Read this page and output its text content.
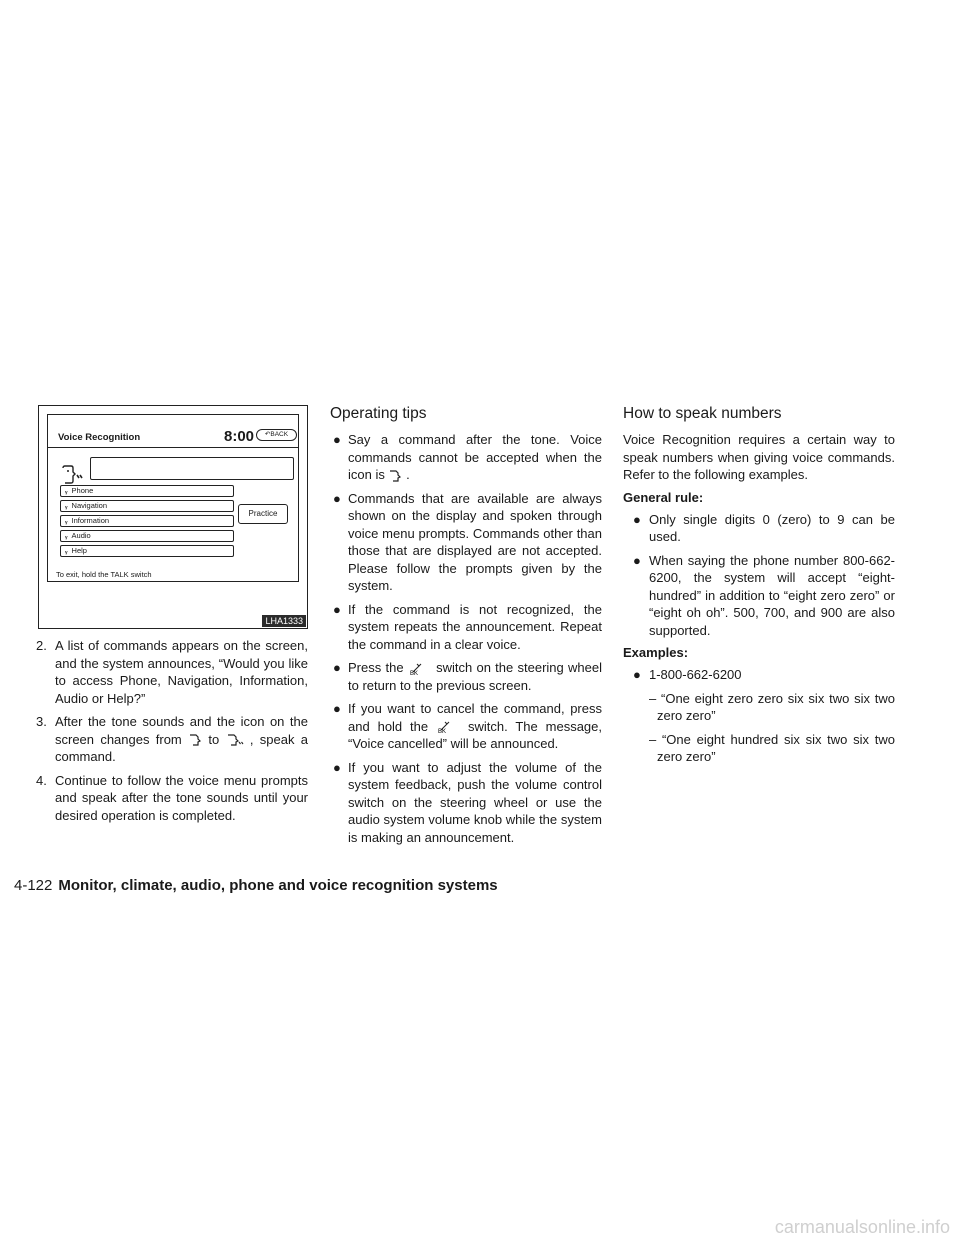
Voice Recognition	8:00	↶BACK
ᵧ Phone
ᵧ Navigation
ᵧ Information
ᵧ Audio
ᵧ Help
Practice
To exit, hold the TALK switch
LHA1333
2. A list of commands appears on the screen, and the system announces, “Would you like to access Phone, Navigation, Information, Audio or Help?”
3. After the tone sounds and the icon on the screen changes from to , speak a command.
4. Continue to follow the voice menu prompts and speak after the tone sounds until your desired operation is completed.
Operating tips
● Say a command after the tone. Voice commands cannot be accepted when the icon is .
● Commands that are available are always shown on the display and spoken through voice menu prompts. Commands other than those that are displayed are not accepted. Please follow the prompts given by the system.
● If the command is not recognized, the system repeats the announcement. Repeat the command in a clear voice.
● Press the BK switch on the steering wheel to return to the previous screen.
● If you want to cancel the command, press and hold the BK switch. The message, “Voice cancelled” will be announced.
● If you want to adjust the volume of the system feedback, push the volume control switch on the steering wheel or use the audio system volume knob while the system is making an announcement.
How to speak numbers

Voice Recognition requires a certain way to speak numbers when giving voice commands. Refer to the following examples.

General rule:

● Only single digits 0 (zero) to 9 can be used.
● When saying the phone number 800-662-6200, the system will accept “eight-hundred” in addition to “eight zero zero” or “eight oh oh”. 500, 700, and 900 are also supported.

Examples:

● 1-800-662-6200
– “One eight zero zero six six two six two zero zero”
– “One eight hundred six six two six two zero zero”
4-122 Monitor, climate, audio, phone and voice recognition systems
carmanualsonline.info
